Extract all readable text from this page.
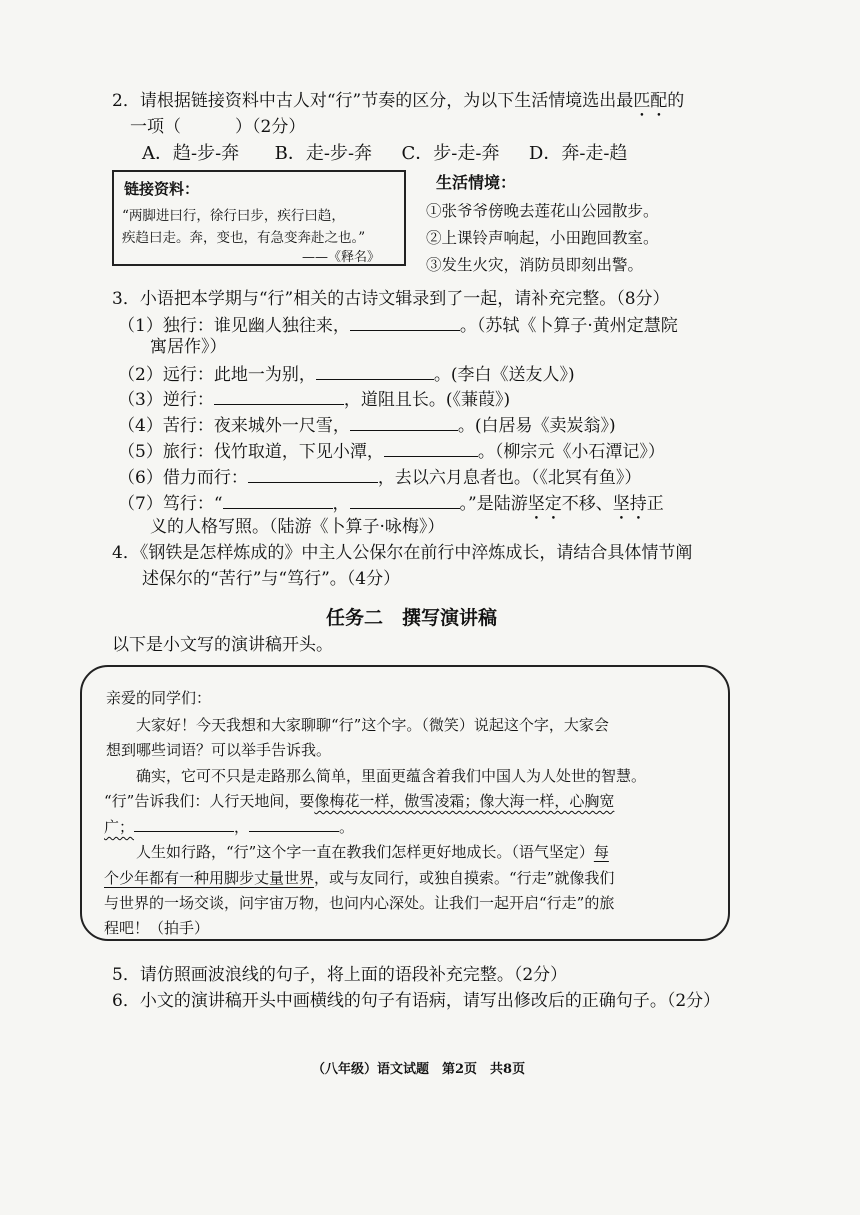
2．请根据链接资料中古人对“行”节奏的区分，为以下生活情境选出最匹配的
一项（	）（2分）
A．趋-步-奔 B．走-步-奔 C．步-走-奔 D．奔-走-趋
链接资料：
“两脚进曰行，徐行曰步，疾行曰趋，
疾趋曰走。奔，变也，有急变奔赴之也。”
——《释名》
生活情境：
①张爷爷傍晚去莲花山公园散步。
②上课铃声响起，小田跑回教室。
③发生火灾，消防员即刻出警。
3．小语把本学期与“行”相关的古诗文辑录到了一起，请补充完整。（8分）
（1）独行：谁见幽人独往来，	。（苏轼《卜算子·黄州定慧院
寓居作》）
（2）远行：此地一为别，	。(李白《送友人》)
（3）逆行：	，道阻且长。(《蒹葭》)
（4）苦行：夜来城外一尺雪，	。(白居易《卖炭翁》)
（5）旅行：伐竹取道，下见小潭，	。（柳宗元《小石潭记》）
（6）借力而行：	，去以六月息者也。（《北冥有鱼》）
（7）笃行：“	，	。”是陆游坚定不移、坚持正
义的人格写照。（陆游《卜算子·咏梅》）
4．《钢铁是怎样炼成的》中主人公保尔在前行中淬炼成长，请结合具体情节阐
述保尔的“苦行”与“笃行”。（4分）
任务二　撰写演讲稿
以下是小文写的演讲稿开头。
亲爱的同学们：
　　大家好！今天我想和大家聊聊“行”这个字。（微笑）说起这个字，大家会
想到哪些词语？可以举手告诉我。
　　确实，它可不只是走路那么简单，里面更蕴含着我们中国人为人处世的智慧。
“行”告诉我们：人行天地间，要像梅花一样，傲雪凌霜；像大海一样，心胸宽
广；	，	。
　　人生如行路，“行”这个字一直在教我们怎样更好地成长。（语气坚定）每
个少年都有一种用脚步丈量世界，或与友同行，或独自摸索。“行走”就像我们
与世界的一场交谈，问宇宙万物，也问内心深处。让我们一起开启“行走”的旅
程吧！（拍手）
5．请仿照画波浪线的句子，将上面的语段补充完整。（2分）
6．小文的演讲稿开头中画横线的句子有语病，请写出修改后的正确句子。（2分）
（八年级）语文试题　第2页　共8页
